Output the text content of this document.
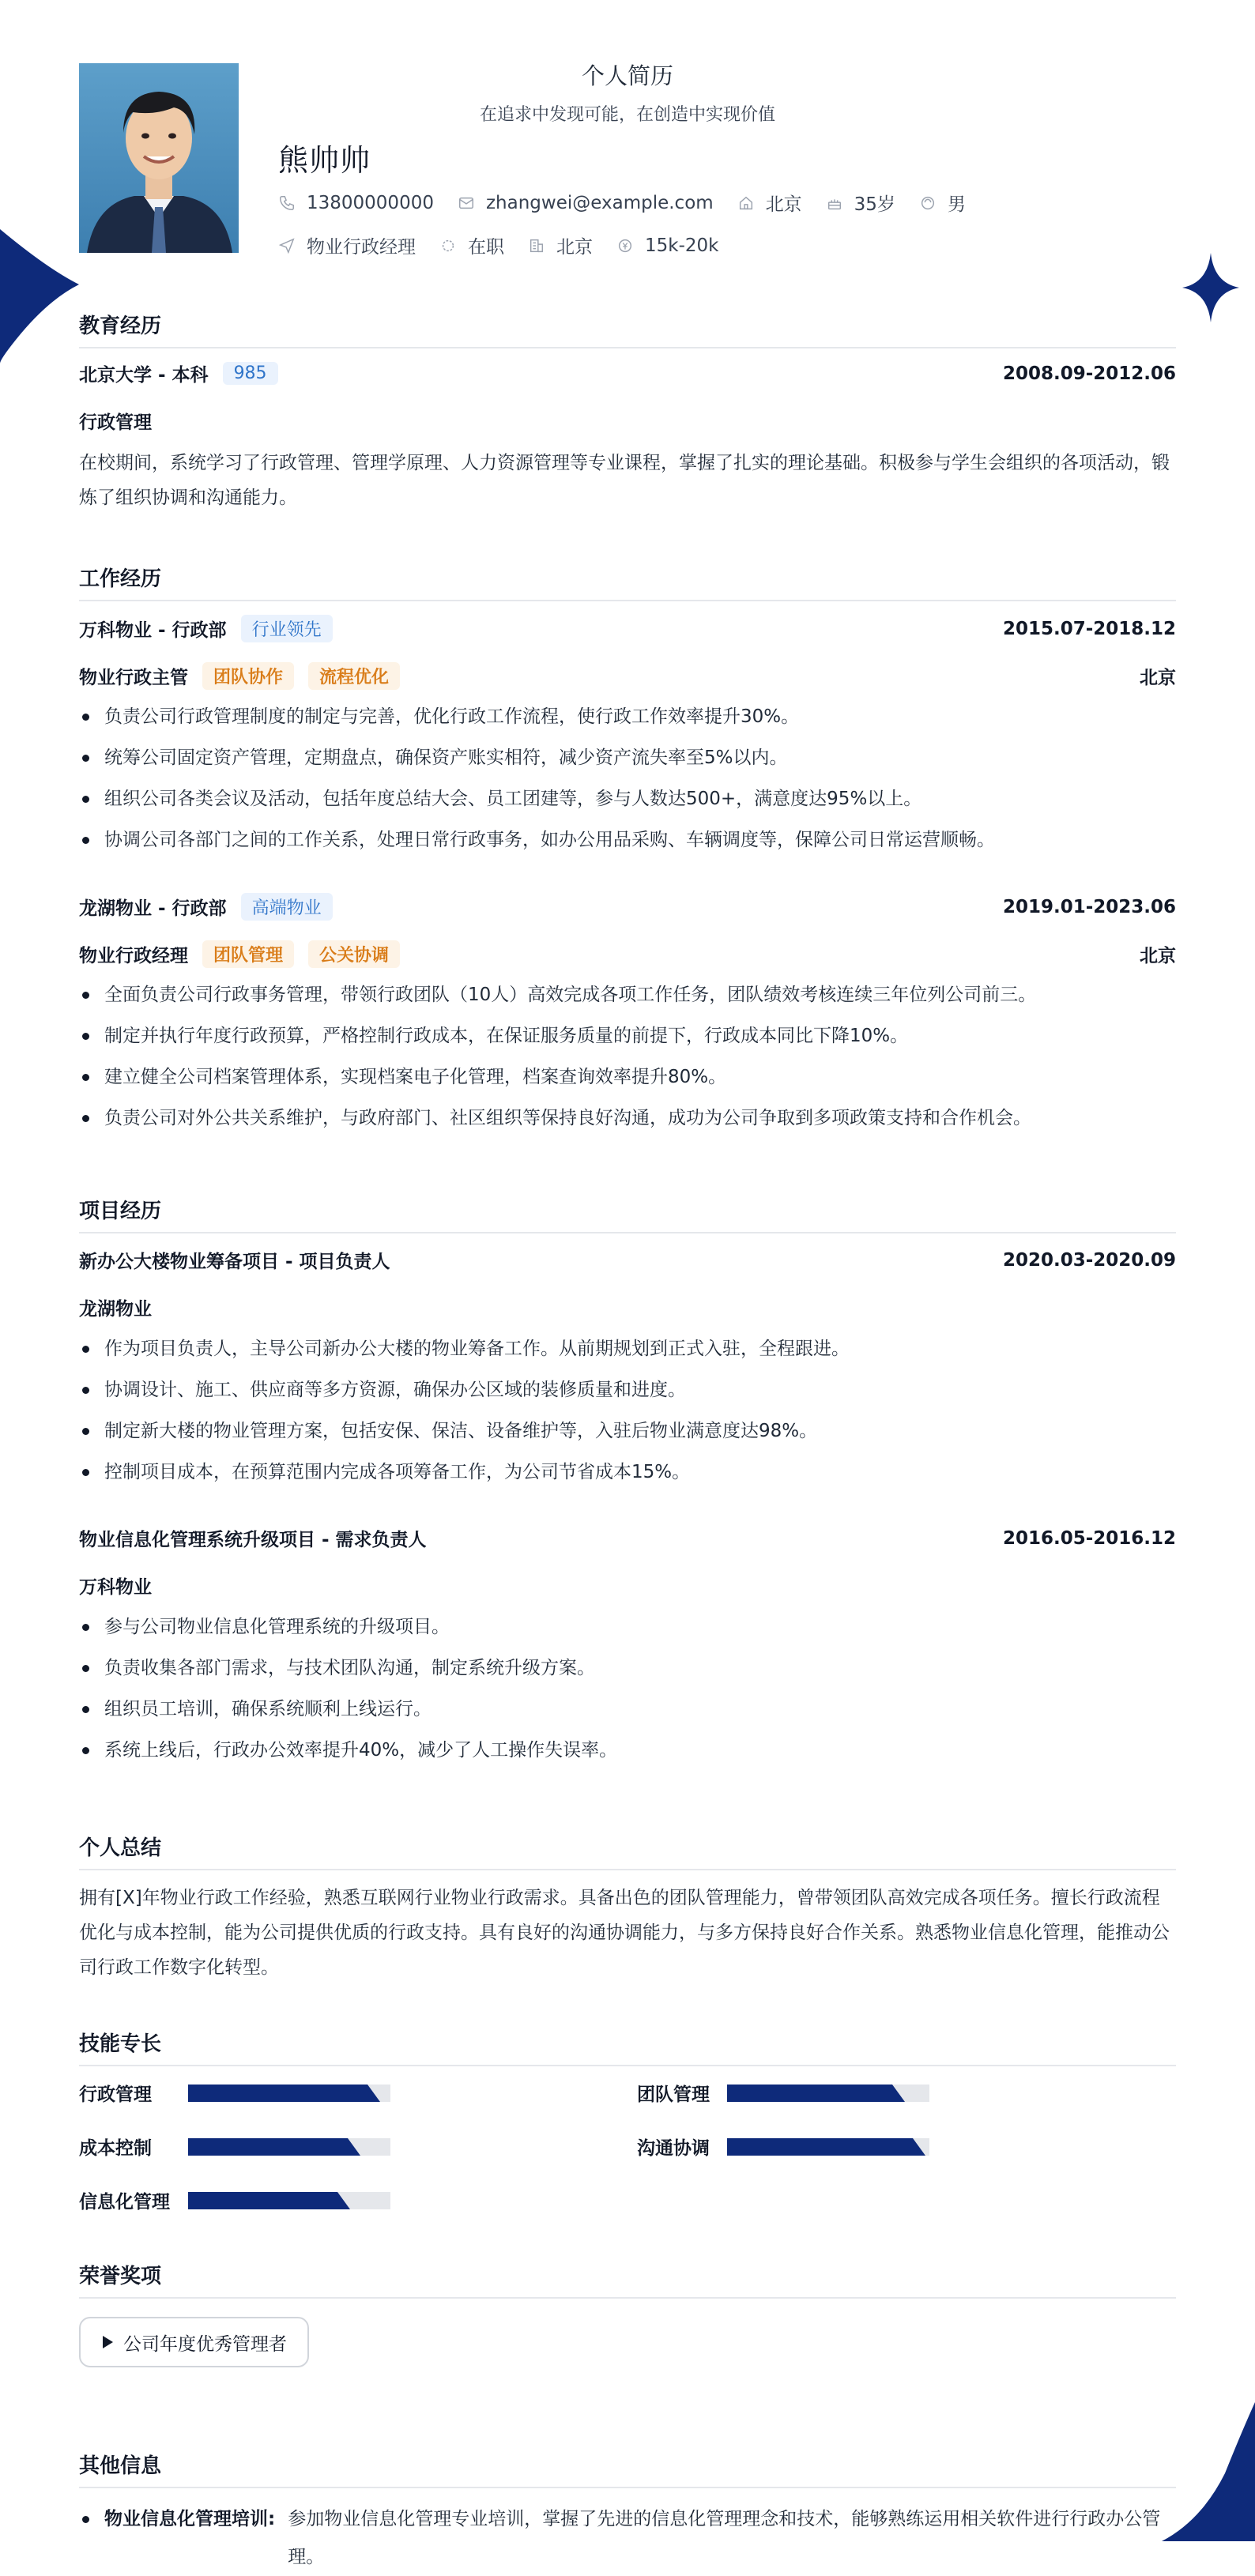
个人简历
在追求中发现可能，在创造中实现价值
熊帅帅
13800000000	zhangwei@example.com	北京	35岁	男
物业行政经理	在职	北京	15k-20k
教育经历
北京大学 - 本科	985	2008.09-2012.06
行政管理
在校期间，系统学习了行政管理、管理学原理、人力资源管理等专业课程，掌握了扎实的理论基础。积极参与学生会组织的各项活动，锻炼了组织协调和沟通能力。
工作经历
万科物业 - 行政部	行业领先	2015.07-2018.12
物业行政主管	团队协作	流程优化	北京
负责公司行政管理制度的制定与完善，优化行政工作流程，使行政工作效率提升30%。
统筹公司固定资产管理，定期盘点，确保资产账实相符，减少资产流失率至5%以内。
组织公司各类会议及活动，包括年度总结大会、员工团建等，参与人数达500+，满意度达95%以上。
协调公司各部门之间的工作关系，处理日常行政事务，如办公用品采购、车辆调度等，保障公司日常运营顺畅。
龙湖物业 - 行政部	高端物业	2019.01-2023.06
物业行政经理	团队管理	公关协调	北京
全面负责公司行政事务管理，带领行政团队（10人）高效完成各项工作任务，团队绩效考核连续三年位列公司前三。
制定并执行年度行政预算，严格控制行政成本，在保证服务质量的前提下，行政成本同比下降10%。
建立健全公司档案管理体系，实现档案电子化管理，档案查询效率提升80%。
负责公司对外公共关系维护，与政府部门、社区组织等保持良好沟通，成功为公司争取到多项政策支持和合作机会。
项目经历
新办公大楼物业筹备项目 - 项目负责人	2020.03-2020.09
龙湖物业
作为项目负责人，主导公司新办公大楼的物业筹备工作。从前期规划到正式入驻，全程跟进。
协调设计、施工、供应商等多方资源，确保办公区域的装修质量和进度。
制定新大楼的物业管理方案，包括安保、保洁、设备维护等，入驻后物业满意度达98%。
控制项目成本，在预算范围内完成各项筹备工作，为公司节省成本15%。
物业信息化管理系统升级项目 - 需求负责人	2016.05-2016.12
万科物业
参与公司物业信息化管理系统的升级项目。
负责收集各部门需求，与技术团队沟通，制定系统升级方案。
组织员工培训，确保系统顺利上线运行。
系统上线后，行政办公效率提升40%，减少了人工操作失误率。
个人总结
拥有[X]年物业行政工作经验，熟悉互联网行业物业行政需求。具备出色的团队管理能力，曾带领团队高效完成各项任务。擅长行政流程优化与成本控制，能为公司提供优质的行政支持。具有良好的沟通协调能力，与多方保持良好合作关系。熟悉物业信息化管理，能推动公司行政工作数字化转型。
技能专长
行政管理	团队管理
成本控制	沟通协调
信息化管理
荣誉奖项
公司年度优秀管理者
其他信息
物业信息化管理培训: 参加物业信息化管理专业培训，掌握了先进的信息化管理理念和技术，能够熟练运用相关软件进行行政办公管理。
